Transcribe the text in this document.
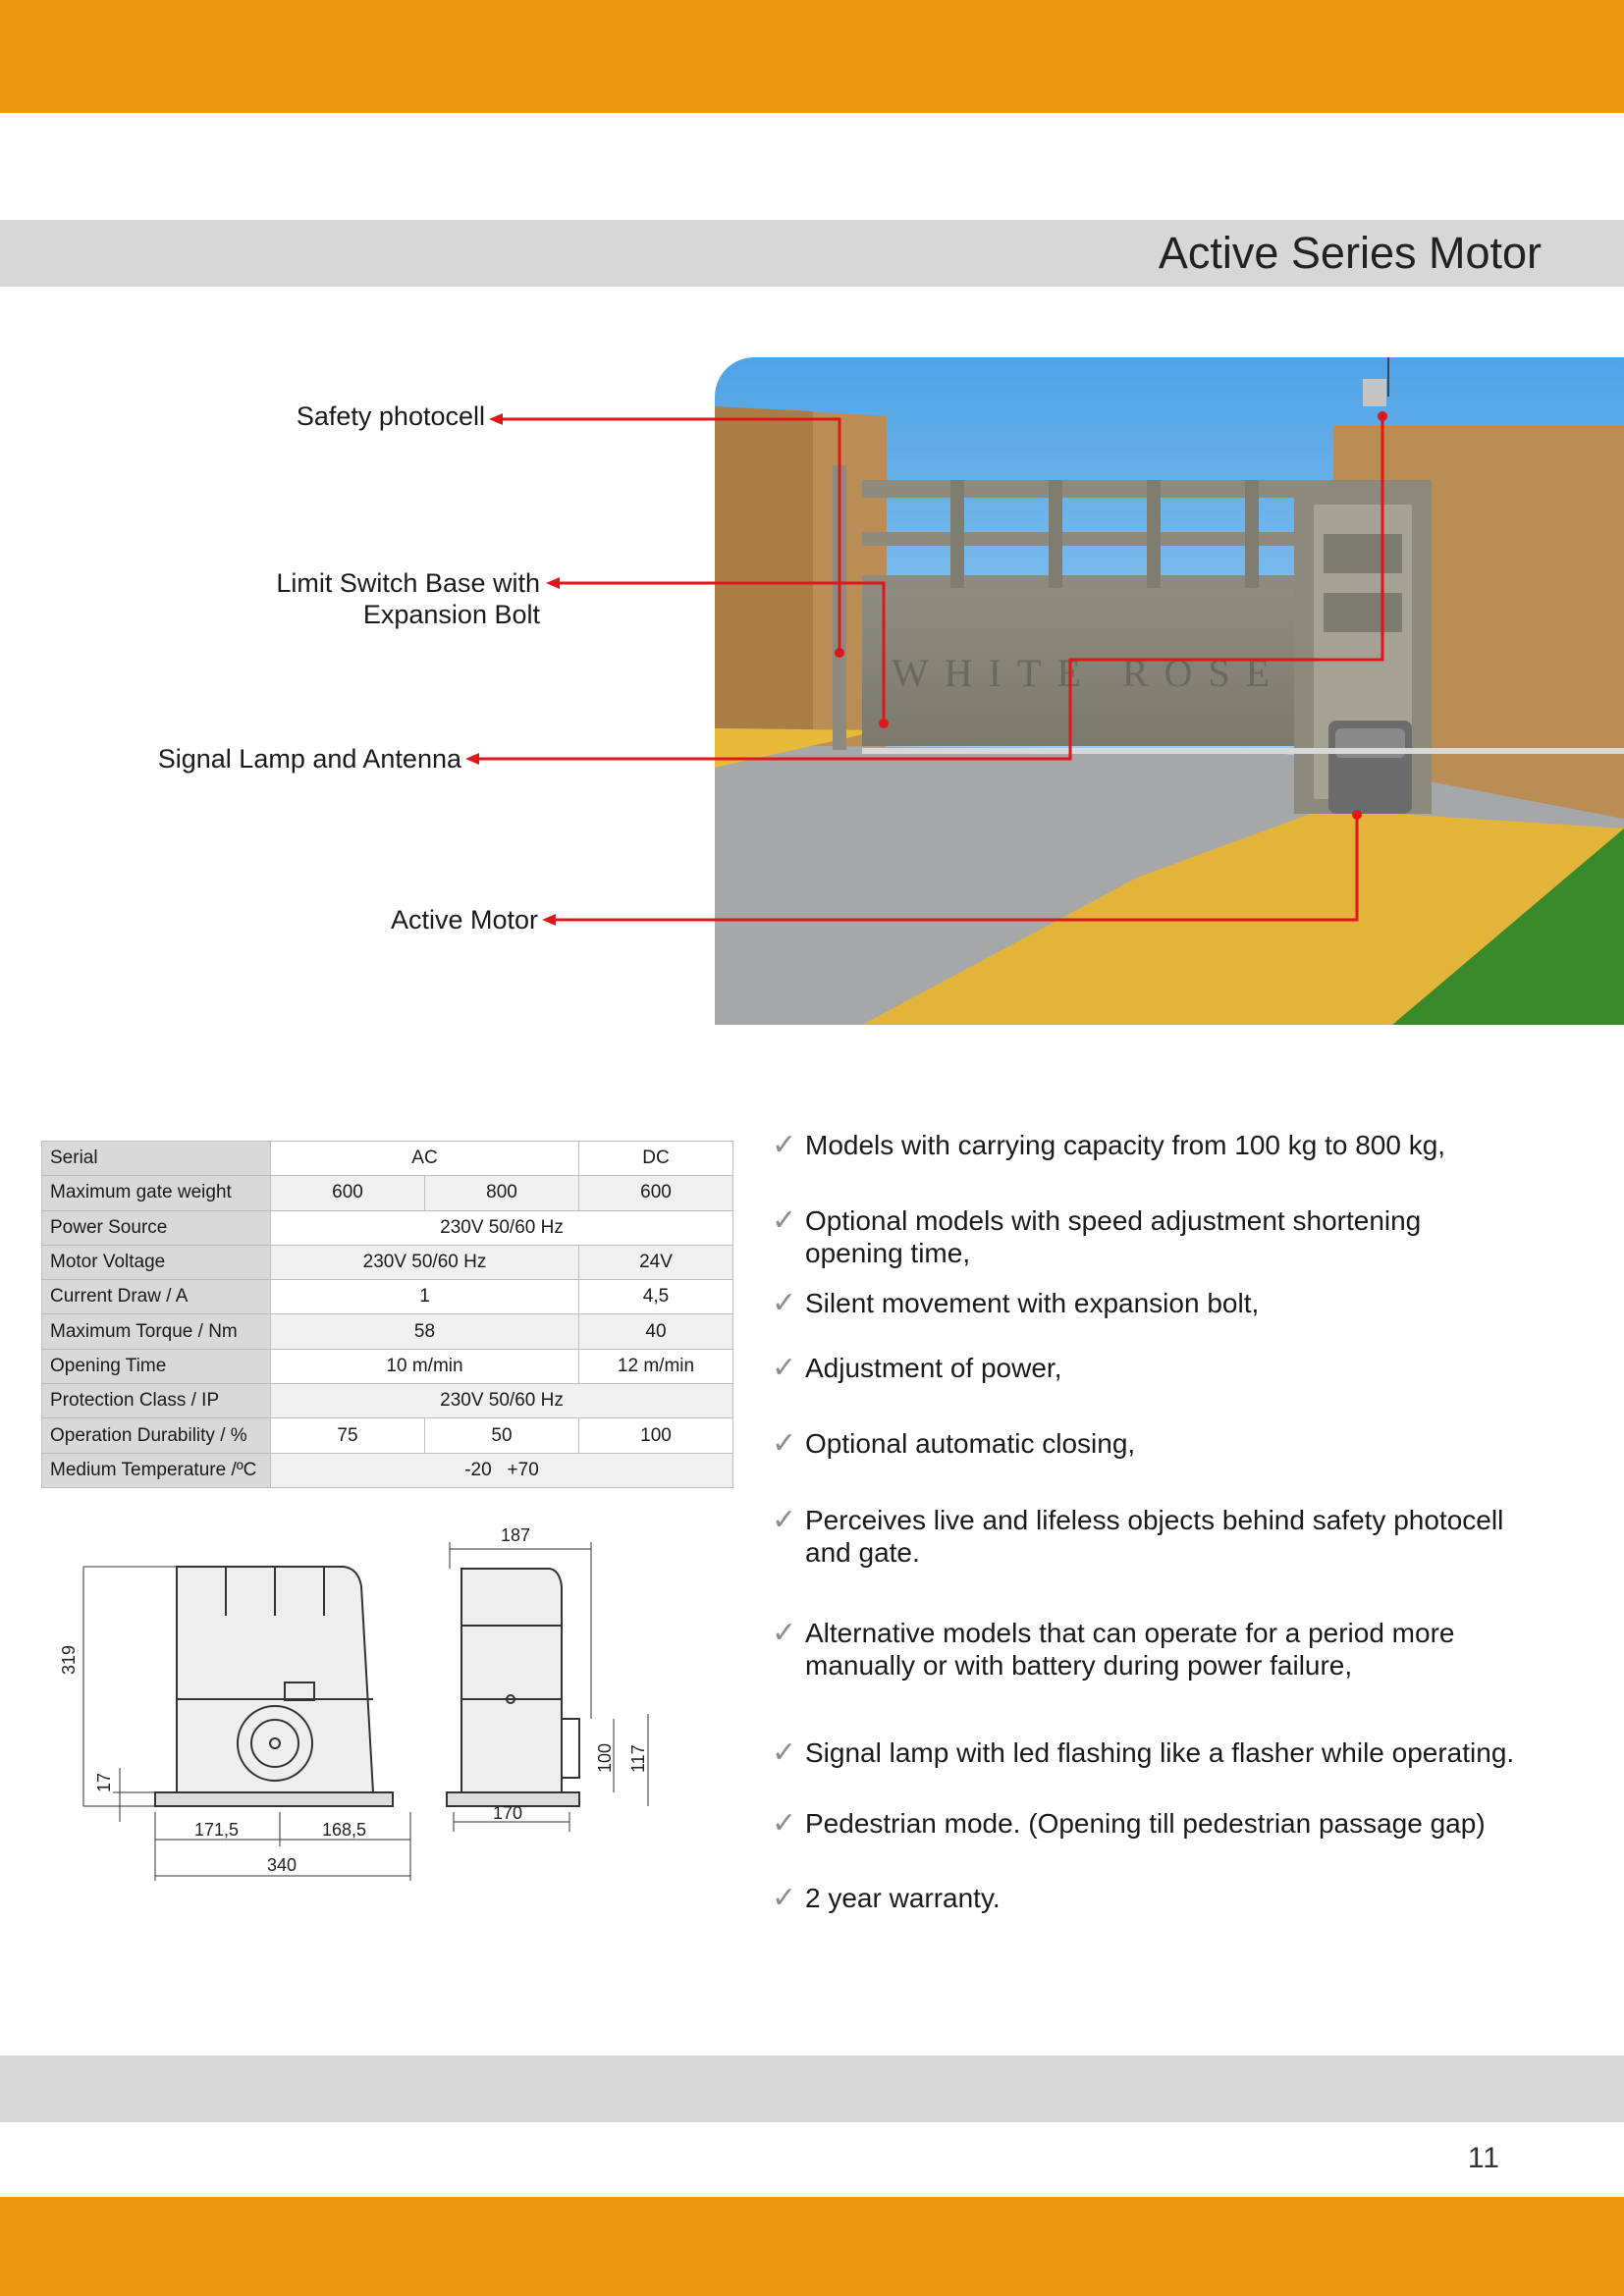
Active Series Motor
WHITE ROSE
Safety photocell
Limit Switch Base with
Expansion Bolt
Signal Lamp and Antenna
Active Motor
Serial	AC		DC
Maximum gate weight	600	800	600
Power Source	230V 50/60 Hz		
Motor Voltage	230V 50/60 Hz		24V
Current Draw / A	1		4,5
Maximum Torque / Nm	58		40
Opening Time	10 m/min		12 m/min
Protection Class / IP	230V 50/60 Hz		
Operation Durability / %	75	50	100
Medium Temperature /ºC	-20   +70		
✓ Models with carrying capacity from 100 kg to 800 kg,
✓ Optional models with speed adjustment shortening
opening time,
✓ Silent movement with expansion bolt,
✓ Adjustment of power,
✓ Optional automatic closing,
✓ Perceives live and lifeless objects behind safety photocell
and gate.
✓ Alternative models that can operate for a period more
manually or with battery during power failure,
✓ Signal lamp with led flashing like a flasher while operating.
✓ Pedestrian mode. (Opening till pedestrian passage gap)
✓ 2 year warranty.
319
17
171,5	168,5
340
187
170
100 117
11
